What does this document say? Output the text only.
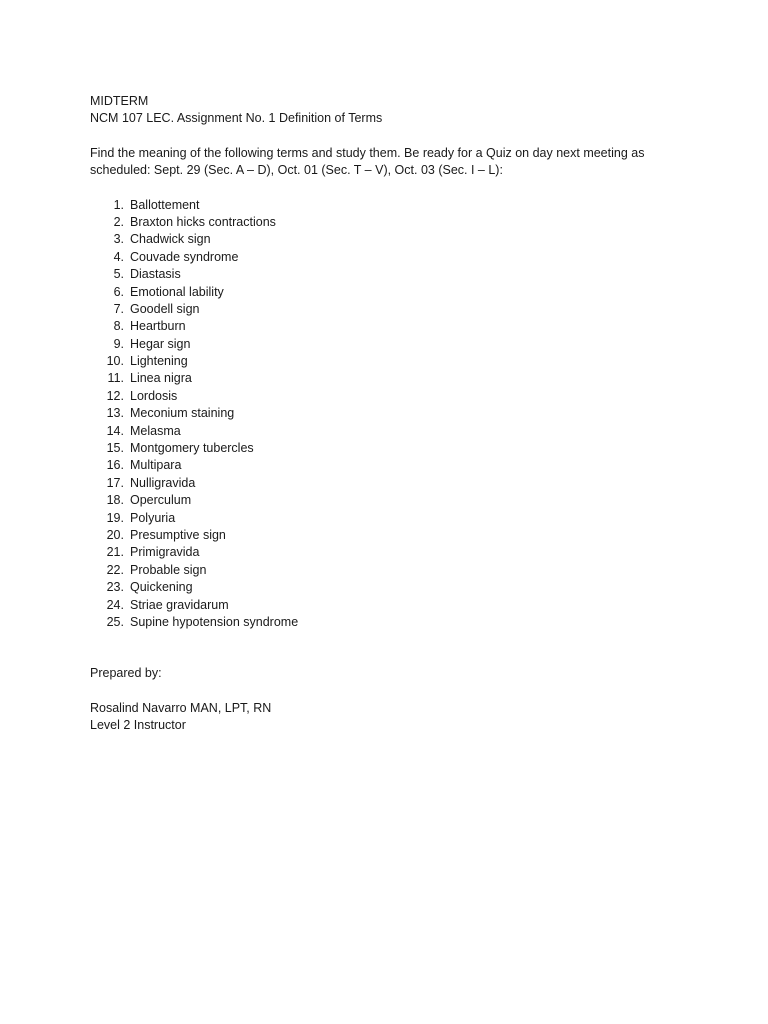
MIDTERM
NCM 107 LEC. Assignment No. 1 Definition of Terms
Find the meaning of the following terms and study them. Be ready for a Quiz on day next meeting as
scheduled: Sept. 29 (Sec. A – D), Oct. 01 (Sec. T – V), Oct. 03 (Sec. I – L):
1. Ballottement
2. Braxton hicks contractions
3. Chadwick sign
4. Couvade syndrome
5. Diastasis
6. Emotional lability
7. Goodell sign
8. Heartburn
9. Hegar sign
10. Lightening
11. Linea nigra
12. Lordosis
13. Meconium staining
14. Melasma
15. Montgomery tubercles
16. Multipara
17. Nulligravida
18. Operculum
19. Polyuria
20. Presumptive sign
21. Primigravida
22. Probable sign
23. Quickening
24. Striae gravidarum
25. Supine hypotension syndrome
Prepared by:
Rosalind Navarro MAN, LPT, RN
Level 2 Instructor
